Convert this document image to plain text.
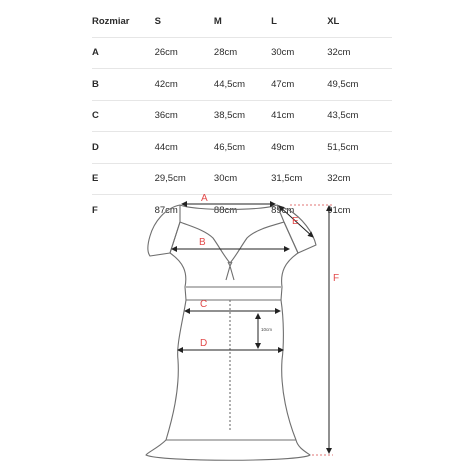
Rozmiar	S	M	L	XL
A	26cm	28cm	30cm	32cm
B	42cm	44,5cm	47cm	49,5cm
C	36cm	38,5cm	41cm	43,5cm
D	44cm	46,5cm	49cm	51,5cm
E	29,5cm	30cm	31,5cm	32cm
F	87cm	88cm	89cm	91cm
A
B
C
D
E
F
10cm
